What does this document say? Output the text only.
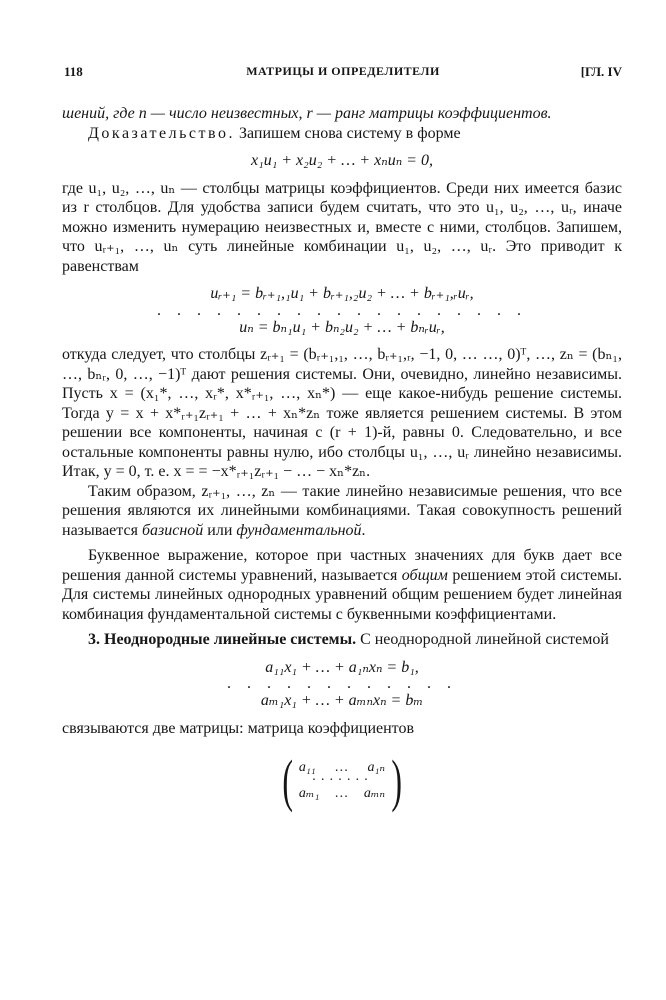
118	МАТРИЦЫ И ОПРЕДЕЛИТЕЛИ	[ГЛ. IV

шений, где n — число неизвестных, r — ранг матрицы коэффициентов.

Доказательство. Запишем снова систему в форме

x₁u₁ + x₂u₂ + … + xₙuₙ = 0,

где u₁, u₂, …, uₙ — столбцы матрицы коэффициентов. Среди них имеется базис из r столбцов. Для удобства записи будем считать, что это u₁, u₂, …, uᵣ, иначе можно изменить нумерацию неизвестных и, вместе с ними, столбцов. Запишем, что uᵣ₊₁, …, uₙ суть линейные комбинации u₁, u₂, …, uᵣ. Это приводит к равенствам

uᵣ₊₁ = bᵣ₊₁,₁u₁ + bᵣ₊₁,₂u₂ + … + bᵣ₊₁,ᵣuᵣ,
. . . . . . . . . . . . . . . . . . .
uₙ = bₙ₁u₁ + bₙ₂u₂ + … + bₙᵣuᵣ,

откуда следует, что столбцы zᵣ₊₁ = (bᵣ₊₁,₁, …, bᵣ₊₁,ᵣ, −1, 0, … …, 0)ᵀ, …, zₙ = (bₙ₁, …, bₙᵣ, 0, …, −1)ᵀ дают решения системы. Они, очевидно, линейно независимы. Пусть x = (x₁*, …, xᵣ*, x*ᵣ₊₁, …, xₙ*) — еще какое-нибудь решение системы. Тогда y = x + x*ᵣ₊₁zᵣ₊₁ + … + xₙ*zₙ тоже является решением системы. В этом решении все компоненты, начиная с (r + 1)-й, равны 0. Следовательно, и все остальные компоненты равны нулю, ибо столбцы u₁, …, uᵣ линейно независимы. Итак, y = 0, т. е. x = = −x*ᵣ₊₁zᵣ₊₁ − … − xₙ*zₙ.

Таким образом, zᵣ₊₁, …, zₙ — такие линейно независимые решения, что все решения являются их линейными комбинациями. Такая совокупность решений называется базисной или фундаментальной.

Буквенное выражение, которое при частных значениях для букв дает все решения данной системы уравнений, называется общим решением этой системы. Для системы линейных однородных уравнений общим решением будет линейная комбинация фундаментальной системы с буквенными коэффициентами.

3. Неоднородные линейные системы. С неоднородной линейной системой

a₁₁x₁ + … + a₁ₙxₙ = b₁,
. . . . . . . . . . . .
aₘ₁x₁ + … + aₘₙxₙ = bₘ

связываются две матрицы: матрица коэффициентов

( a₁₁ … a₁ₙ
·······
aₘ₁ … aₘₙ )
